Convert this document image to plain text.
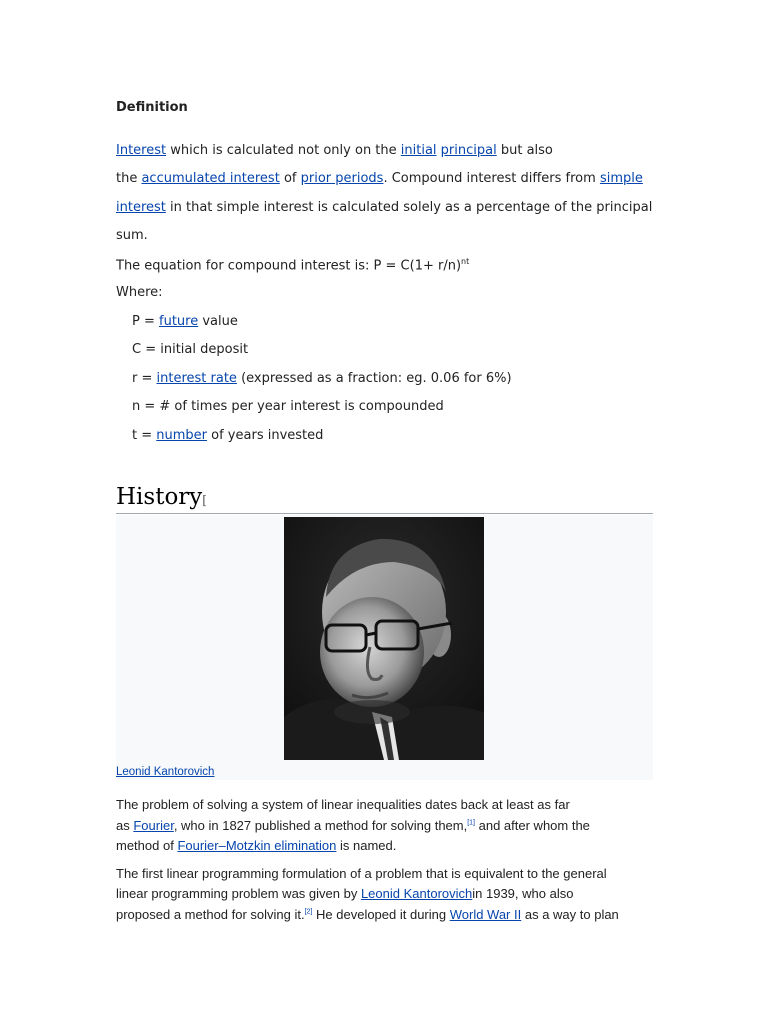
Definition
Interest which is calculated not only on the initial principal but also
the accumulated interest of prior periods. Compound interest differs from simple
interest in that simple interest is calculated solely as a percentage of the principal
sum.
The equation for compound interest is: $P = C(1+ r/n)^{nt}$
Where:
P = future value
C = initial deposit
r = interest rate (expressed as a fraction: eg. 0.06 for 6%)
n = # of times per year interest is compounded
t = number of years invested
History[
Leonid Kantorovich
The problem of solving a system of linear inequalities dates back at least as far
as Fourier, who in 1827 published a method for solving them,[1] and after whom the
method of Fourier–Motzkin elimination is named.
The first linear programming formulation of a problem that is equivalent to the general
linear programming problem was given by Leonid Kantorovichin 1939, who also
proposed a method for solving it.[2] He developed it during World War II as a way to plan
